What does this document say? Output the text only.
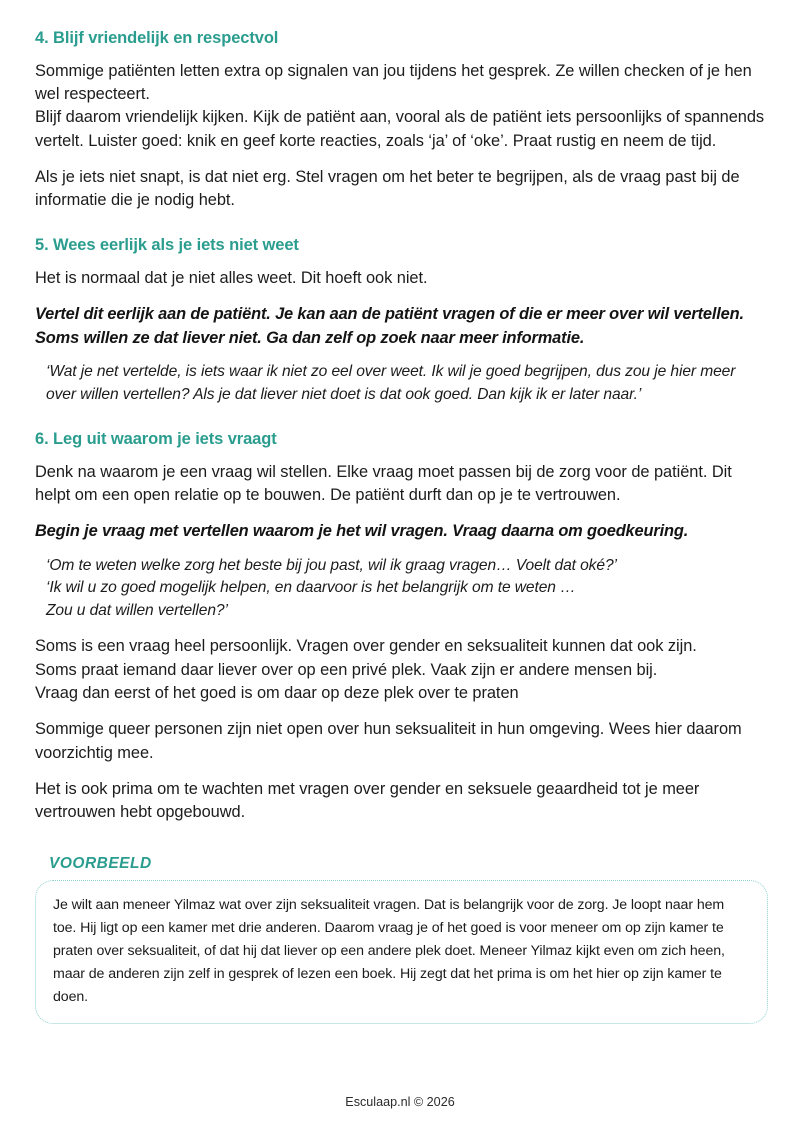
4. Blijf vriendelijk en respectvol

Sommige patiënten letten extra op signalen van jou tijdens het gesprek. Ze willen checken of je hen wel respecteert.
Blijf daarom vriendelijk kijken. Kijk de patiënt aan, vooral als de patiënt iets persoonlijks of spannends vertelt. Luister goed: knik en geef korte reacties, zoals ‘ja’ of ‘oke’. Praat rustig en neem de tijd.

Als je iets niet snapt, is dat niet erg. Stel vragen om het beter te begrijpen, als de vraag past bij de informatie die je nodig hebt.

5. Wees eerlijk als je iets niet weet

Het is normaal dat je niet alles weet. Dit hoeft ook niet.

Vertel dit eerlijk aan de patiënt. Je kan aan de patiënt vragen of die er meer over wil vertellen. Soms willen ze dat liever niet. Ga dan zelf op zoek naar meer informatie.

‘Wat je net vertelde, is iets waar ik niet zo eel over weet. Ik wil je goed begrijpen, dus zou je hier meer over willen vertellen? Als je dat liever niet doet is dat ook goed. Dan kijk ik er later naar.’

6. Leg uit waarom je iets vraagt

Denk na waarom je een vraag wil stellen. Elke vraag moet passen bij de zorg voor de patiënt. Dit helpt om een open relatie op te bouwen. De patiënt durft dan op je te vertrouwen.

Begin je vraag met vertellen waarom je het wil vragen. Vraag daarna om goedkeuring.

‘Om te weten welke zorg het beste bij jou past, wil ik graag vragen… Voelt dat oké?’
‘Ik wil u zo goed mogelijk helpen, en daarvoor is het belangrijk om te weten …
Zou u dat willen vertellen?’

Soms is een vraag heel persoonlijk. Vragen over gender en seksualiteit kunnen dat ook zijn.
Soms praat iemand daar liever over op een privé plek. Vaak zijn er andere mensen bij.
Vraag dan eerst of het goed is om daar op deze plek over te praten

Sommige queer personen zijn niet open over hun seksualiteit in hun omgeving. Wees hier daarom voorzichtig mee.

Het is ook prima om te wachten met vragen over gender en seksuele geaardheid tot je meer vertrouwen hebt opgebouwd.

VOORBEELD

Je wilt aan meneer Yilmaz wat over zijn seksualiteit vragen. Dat is belangrijk voor de zorg. Je loopt naar hem toe. Hij ligt op een kamer met drie anderen. Daarom vraag je of het goed is voor meneer om op zijn kamer te praten over seksualiteit, of dat hij dat liever op een andere plek doet. Meneer Yilmaz kijkt even om zich heen, maar de anderen zijn zelf in gesprek of lezen een boek. Hij zegt dat het prima is om het hier op zijn kamer te doen.

Esculaap.nl © 2026
